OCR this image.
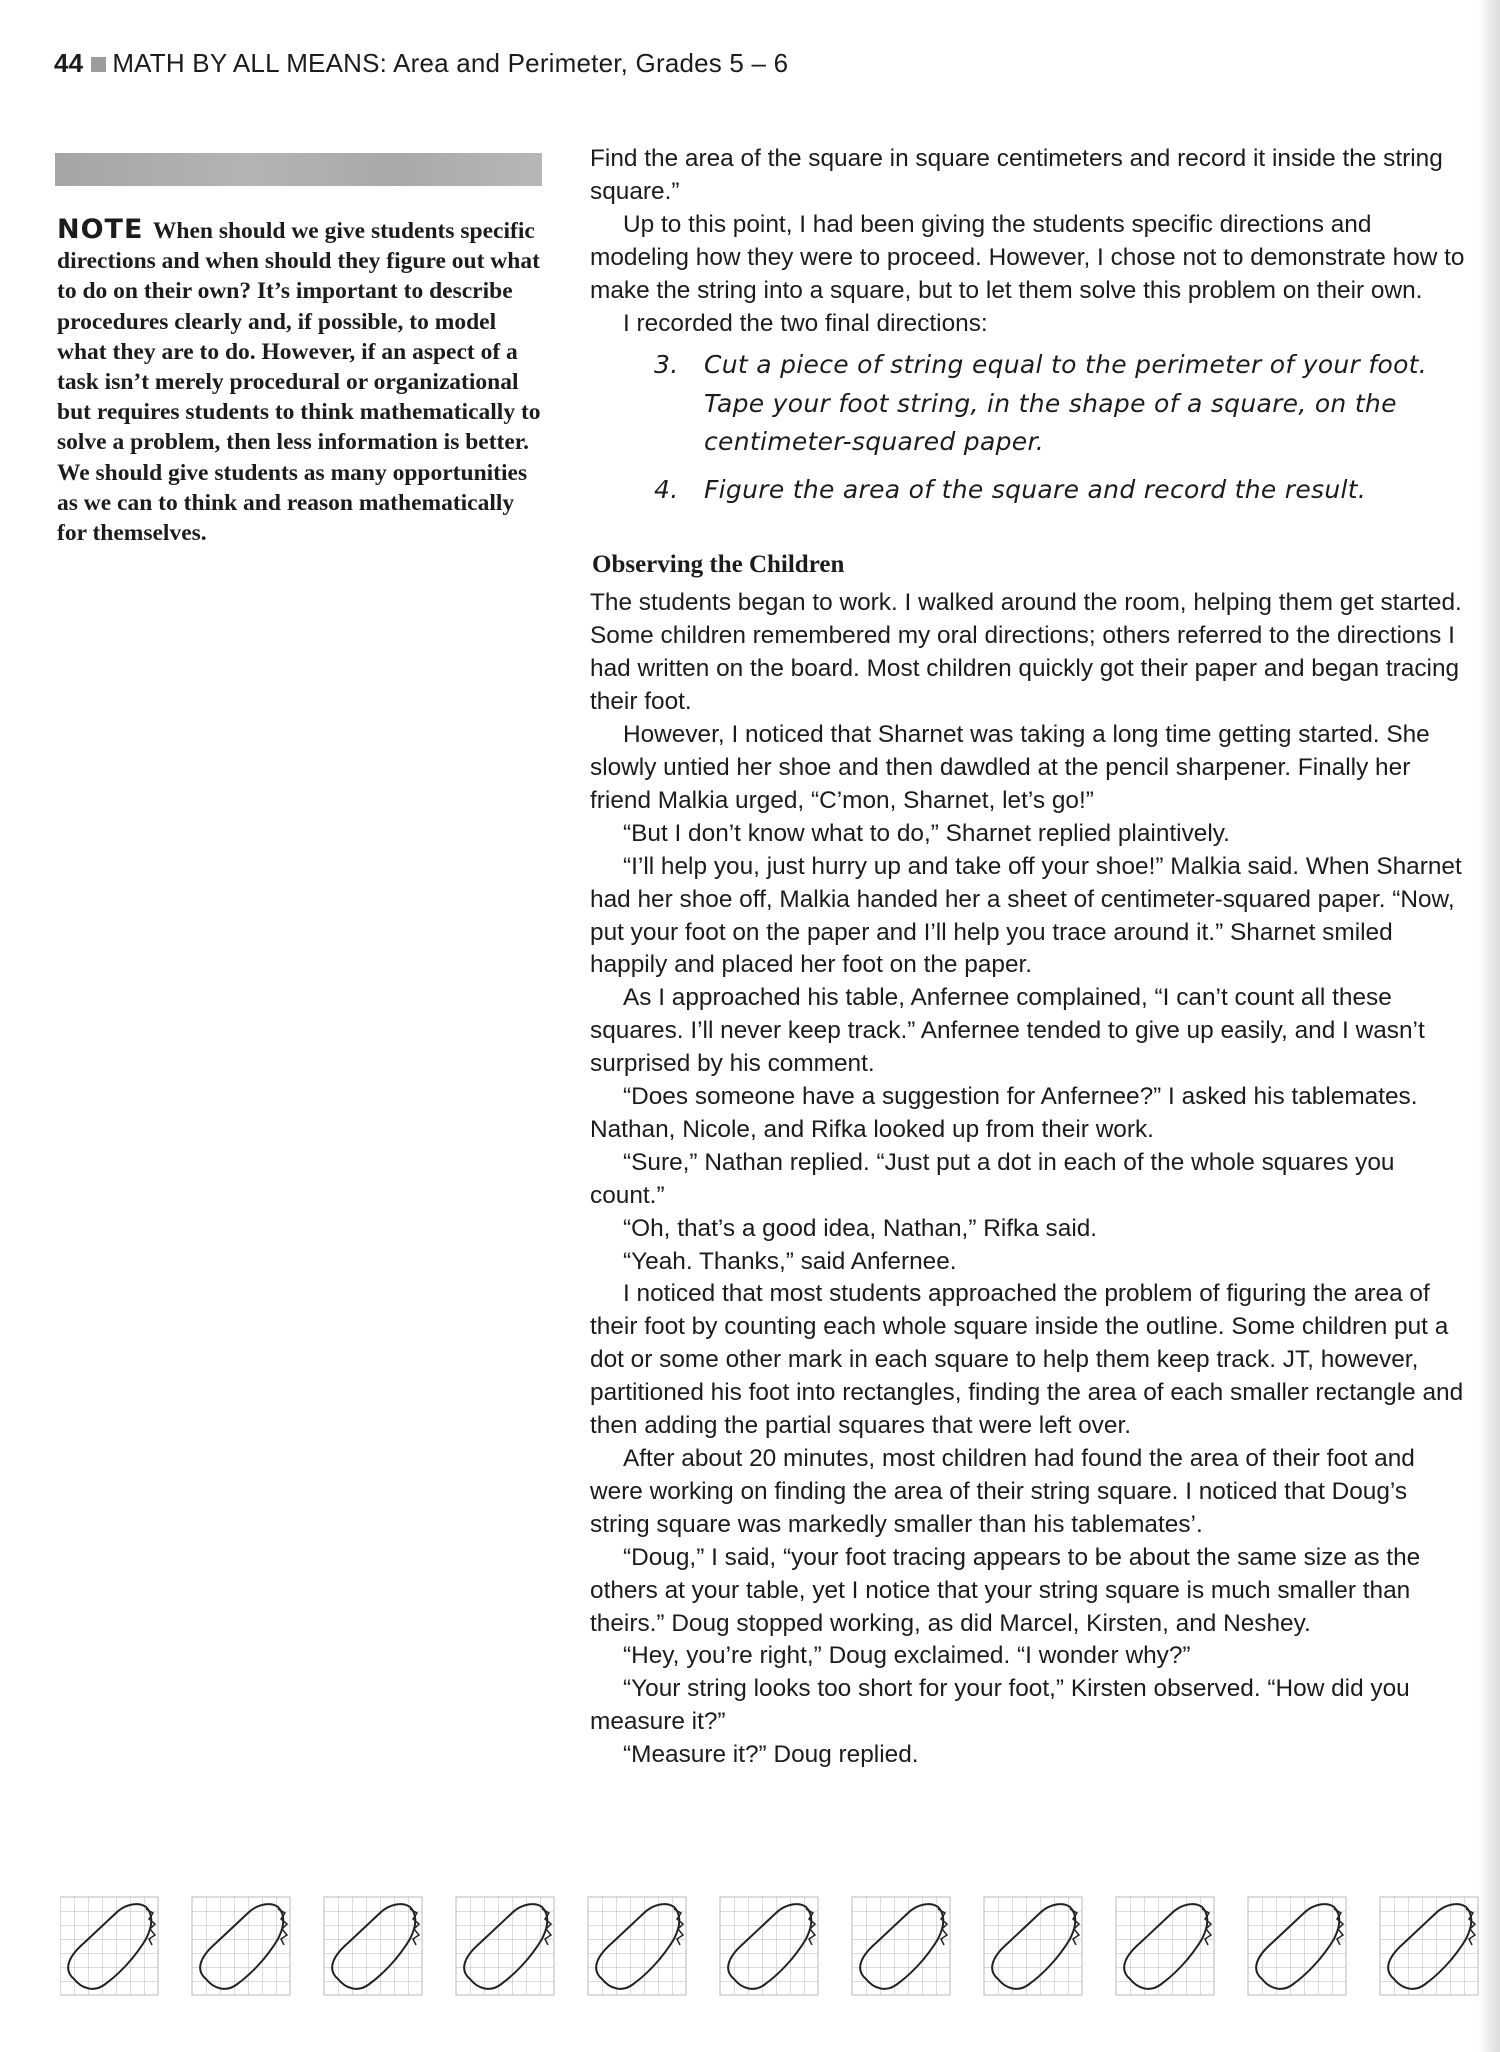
44 MATH BY ALL MEANS: Area and Perimeter, Grades 5 – 6
NOTE When should we give students specific directions and when should they figure out what to do on their own? It’s important to describe procedures clearly and, if possible, to model what they are to do. However, if an aspect of a task isn’t merely procedural or organizational but requires students to think mathematically to solve a problem, then less information is better. We should give students as many opportunities as we can to think and reason mathematically for themselves.

Find the area of the square in square centimeters and record it inside the string square.”

Up to this point, I had been giving the students specific directions and modeling how they were to proceed. However, I chose not to demonstrate how to make the string into a square, but to let them solve this problem on their own.

I recorded the two final directions:

3.	Cut a piece of string equal to the perimeter of your foot. Tape your foot string, in the shape of a square, on the centimeter-squared paper.
4.	Figure the area of the square and record the result.
Observing the Children

The students began to work. I walked around the room, helping them get started. Some children remembered my oral directions; others referred to the directions I had written on the board. Most children quickly got their paper and began tracing their foot.

However, I noticed that Sharnet was taking a long time getting started. She slowly untied her shoe and then dawdled at the pencil sharpener. Finally her friend Malkia urged, “C’mon, Sharnet, let’s go!”

“But I don’t know what to do,” Sharnet replied plaintively.

“I’ll help you, just hurry up and take off your shoe!” Malkia said. When Sharnet had her shoe off, Malkia handed her a sheet of centimeter-squared paper. “Now, put your foot on the paper and I’ll help you trace around it.” Sharnet smiled happily and placed her foot on the paper.

As I approached his table, Anfernee complained, “I can’t count all these squares. I’ll never keep track.” Anfernee tended to give up easily, and I wasn’t surprised by his comment.

“Does someone have a suggestion for Anfernee?” I asked his tablemates. Nathan, Nicole, and Rifka looked up from their work.

“Sure,” Nathan replied. “Just put a dot in each of the whole squares you count.”

“Oh, that’s a good idea, Nathan,” Rifka said.

“Yeah. Thanks,” said Anfernee.

I noticed that most students approached the problem of figuring the area of their foot by counting each whole square inside the outline. Some children put a dot or some other mark in each square to help them keep track. JT, however, partitioned his foot into rectangles, finding the area of each smaller rectangle and then adding the partial squares that were left over.

After about 20 minutes, most children had found the area of their foot and were working on finding the area of their string square. I noticed that Doug’s string square was markedly smaller than his tablemates’.

“Doug,” I said, “your foot tracing appears to be about the same size as the others at your table, yet I notice that your string square is much smaller than theirs.” Doug stopped working, as did Marcel, Kirsten, and Neshey.

“Hey, you’re right,” Doug exclaimed. “I wonder why?”

“Your string looks too short for your foot,” Kirsten observed. “How did you measure it?”

“Measure it?” Doug replied.
